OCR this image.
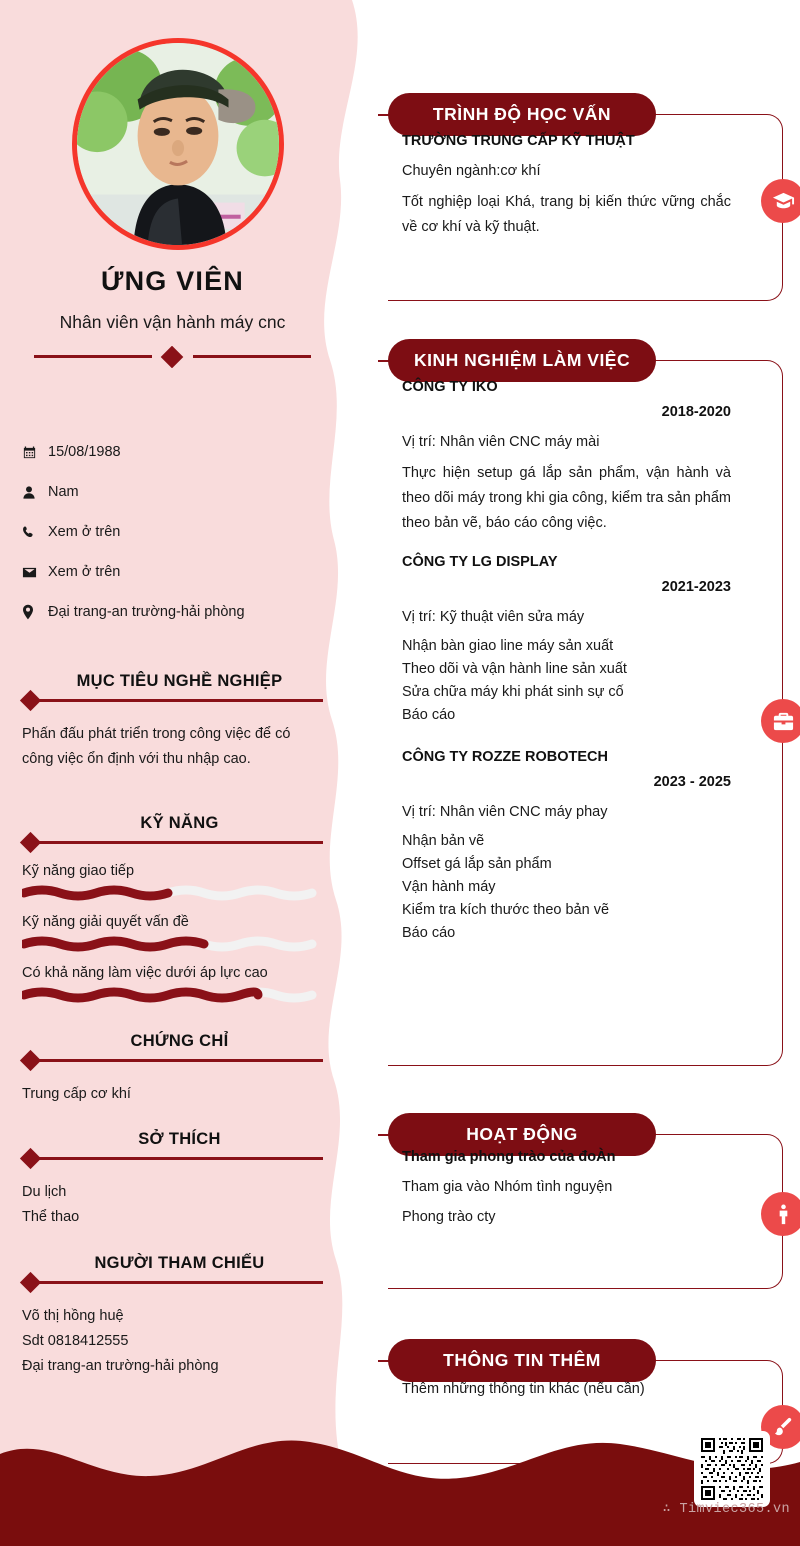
ỨNG VIÊN
Nhân viên vận hành máy cnc
15/08/1988
Nam
Xem ở trên
Xem ở trên
Đại trang-an trường-hải phòng
MỤC TIÊU NGHỀ NGHIỆP
Phấn đấu phát triển trong công việc để có công việc ổn định với thu nhập cao.
KỸ NĂNG
Kỹ năng giao tiếp
Kỹ năng giải quyết vấn đề
Có khả năng làm việc dưới áp lực cao
CHỨNG CHỈ
Trung cấp cơ khí
SỞ THÍCH
Du lịch
Thể thao
NGƯỜI THAM CHIẾU
Võ thị hồng huệ
Sdt 0818412555
Đại trang-an trường-hải phòng
TRÌNH ĐỘ HỌC VẤN
TRƯỜNG TRUNG CẤP KỸ THUẬT
Chuyên ngành:cơ khí
Tốt nghiệp loại Khá, trang bị kiến thức vững chắc về cơ khí và kỹ thuật.
KINH NGHIỆM LÀM VIỆC
CÔNG TY IKO
2018-2020
Vị trí: Nhân viên CNC máy mài
Thực hiện setup gá lắp sản phẩm, vận hành và theo dõi máy trong khi gia công, kiểm tra sản phẩm theo bản vẽ, báo cáo công việc.
CÔNG TY LG DISPLAY
2021-2023
Vị trí: Kỹ thuật viên sửa máy
Nhận bàn giao line máy sản xuất
Theo dõi và vận hành line sản xuất
Sửa chữa máy khi phát sinh sự cố
Báo cáo
CÔNG TY ROZZE ROBOTECH
2023 - 2025
Vị trí: Nhân viên CNC máy phay
Nhận bản vẽ
Offset gá lắp sản phẩm
Vận hành máy
Kiểm tra kích thước theo bản vẽ
Báo cáo
HOẠT ĐỘNG
Tham gia phong trào của đoÀn
Tham gia vào Nhóm tình nguyện
Phong trào cty
THÔNG TIN THÊM
Thêm những thông tin khác (nếu cần)
∴ Timviec365.vn
